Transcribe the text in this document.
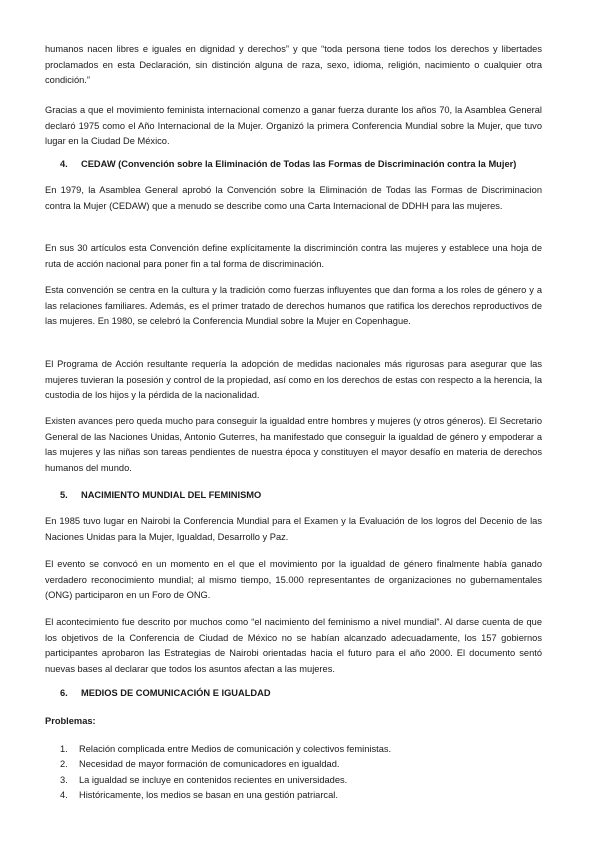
humanos nacen libres e iguales en dignidad y derechos” y que “toda persona tiene todos los derechos y libertades proclamados en esta Declaración, sin distinción alguna de raza, sexo, idioma, religión, nacimiento o cualquier otra condición.”

Gracias a que el movimiento feminista internacional comenzo a ganar fuerza durante los años 70, la Asamblea General declaró 1975 como el Año Internacional de la Mujer. Organizó la primera Conferencia Mundial sobre la Mujer, que tuvo lugar en la Ciudad De México.

4. CEDAW (Convención sobre la Eliminación de Todas las Formas de Discriminación contra la Mujer)

En 1979, la Asamblea General aprobó la Convención sobre la Eliminación de Todas las Formas de Discriminacion contra la Mujer (CEDAW) que a menudo se describe como una Carta Internacional de DDHH para las mujeres.

En sus 30 artículos esta Convención define explícitamente la discriminción contra las mujeres y establece una hoja de ruta de acción nacional para poner fin a tal forma de discriminación.

Esta convención se centra en la cultura y la tradición como fuerzas influyentes que dan forma a los roles de género y a las relaciones familiares. Además, es el primer tratado de derechos humanos que ratifica los derechos reproductivos de las mujeres. En 1980, se celebró la Conferencia Mundial sobre la Mujer en Copenhague.

El Programa de Acción resultante requería la adopción de medidas nacionales más rigurosas para asegurar que las mujeres tuvieran la posesión y control de la propiedad, así como en los derechos de estas con respecto a la herencia, la custodia de los hijos y la pérdida de la nacionalidad.

Existen avances pero queda mucho para conseguir la igualdad entre hombres y mujeres (y otros géneros). El Secretario General de las Naciones Unidas, Antonio Guterres, ha manifestado que conseguir la igualdad de género y empoderar a las mujeres y las niñas son tareas pendientes de nuestra época y constituyen el mayor desafío en materia de derechos humanos del mundo.

5. NACIMIENTO MUNDIAL DEL FEMINISMO

En 1985 tuvo lugar en Nairobi la Conferencia Mundial para el Examen y la Evaluación de los logros del Decenio de las Naciones Unidas para la Mujer, Igualdad, Desarrollo y Paz.

El evento se convocó en un momento en el que el movimiento por la igualdad de género finalmente había ganado verdadero reconocimiento mundial; al mismo tiempo, 15.000 representantes de organizaciones no gubernamentales (ONG) participaron en un Foro de ONG.

El acontecimiento fue descrito por muchos como “el nacimiento del feminismo a nivel mundial”. Al darse cuenta de que los objetivos de la Conferencia de Ciudad de México no se habían alcanzado adecuadamente, los 157 gobiernos participantes aprobaron las Estrategias de Nairobi orientadas hacia el futuro para el año 2000. El documento sentó nuevas bases al declarar que todos los asuntos afectan a las mujeres.

6. MEDIOS DE COMUNICACIÓN E IGUALDAD
Problemas:
1. Relación complicada entre Medios de comunicación y colectivos feministas.
2. Necesidad de mayor formación de comunicadores en igualdad.
3. La igualdad se incluye en contenidos recientes en universidades.
4. Históricamente, los medios se basan en una gestión patriarcal.
